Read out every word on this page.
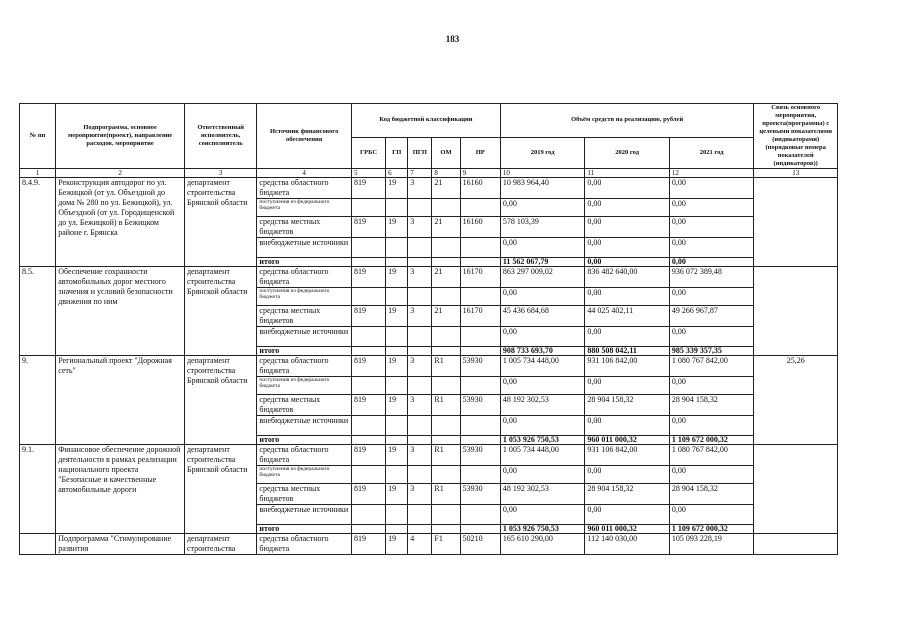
183
№ пп	Подпрограмма, основное мероприятие(проект), направление расходов, мероприятие	Ответственный исполнитель, соисполнитель	Источник финансового обеспечения	Код бюджетной классификации					Объём средств на реализацию, рублей			Связь основного мероприятия, проекта(программы) с целевыми показателями (индикаторами) (порядковые номера показателей (индикаторов))
				ГРБС	ГП	ПГП	ОМ	НР	2019 год	2020 год	2021 год	
1	2	3	4	5	6	7	8	9	10	11	12	13
8.4.9.	Реконструкция автодорог по ул. Бежицкой (от ул. Объездной до дома № 280 по ул. Бежицкой), ул. Объездной (от ул. Городищенской до ул. Бежицкой) в Бежицком районе г. Брянска	департамент строительства Брянской области	средства областного бюджета	819	19	3	21	16160	10 983 964,40	0,00	0,00	
			поступления из федерального бюджета						0,00	0,00	0,00	
			средства местных бюджетов	819	19	3	21	16160	578 103,39	0,00	0,00	
			внебюджетные источники						0,00	0,00	0,00	
			итого						11 562 067,79	0,00	0,00	
8.5.	Обеспечение сохранности автомобильных дорог местного значения и условий безопасности движения по ним	департамент строительства Брянской области	средства областного бюджета	819	19	3	21	16170	863 297 009,02	836 482 640,00	936 072 389,48	
			поступления из федерального бюджета						0,00	0,00	0,00	
			средства местных бюджетов	819	19	3	21	16170	45 436 684,68	44 025 402,11	49 266 967,87	
			внебюджетные источники						0,00	0,00	0,00	
			итого						908 733 693,70	880 508 042,11	985 339 357,35	
9.	Региональный проект "Дорожная сеть"	департамент строительства Брянской области	средства областного бюджета	819	19	3	R1	53930	1 005 734 448,00	931 106 842,00	1 080 767 842,00	25,26
			поступления из федерального бюджета						0,00	0,00	0,00	
			средства местных бюджетов	819	19	3	R1	53930	48 192 302,53	28 904 158,32	28 904 158,32	
			внебюджетные источники						0,00	0,00	0,00	
			итого						1 053 926 750,53	960 011 000,32	1 109 672 000,32	
9.1.	Финансовое обеспечение дорожной деятельности в рамках реализации национального проекта "Безопасные и качественные автомобильные дороги	департамент строительства Брянской области	средства областного бюджета	819	19	3	R1	53930	1 005 734 448,00	931 106 842,00	1 080 767 842,00	
			поступления из федерального бюджета						0,00	0,00	0,00	
			средства местных бюджетов	819	19	3	R1	53930	48 192 302,53	28 904 158,32	28 904 158,32	
			внебюджетные источники						0,00	0,00	0,00	
			итого						1 053 926 750,53	960 011 000,32	1 109 672 000,32	
	Подпрограмма "Стимулирование развития	департамент строительства	средства областного бюджета	819	19	4	F1	50210	165 610 290,00	112 140 030,00	105 093 228,19	
